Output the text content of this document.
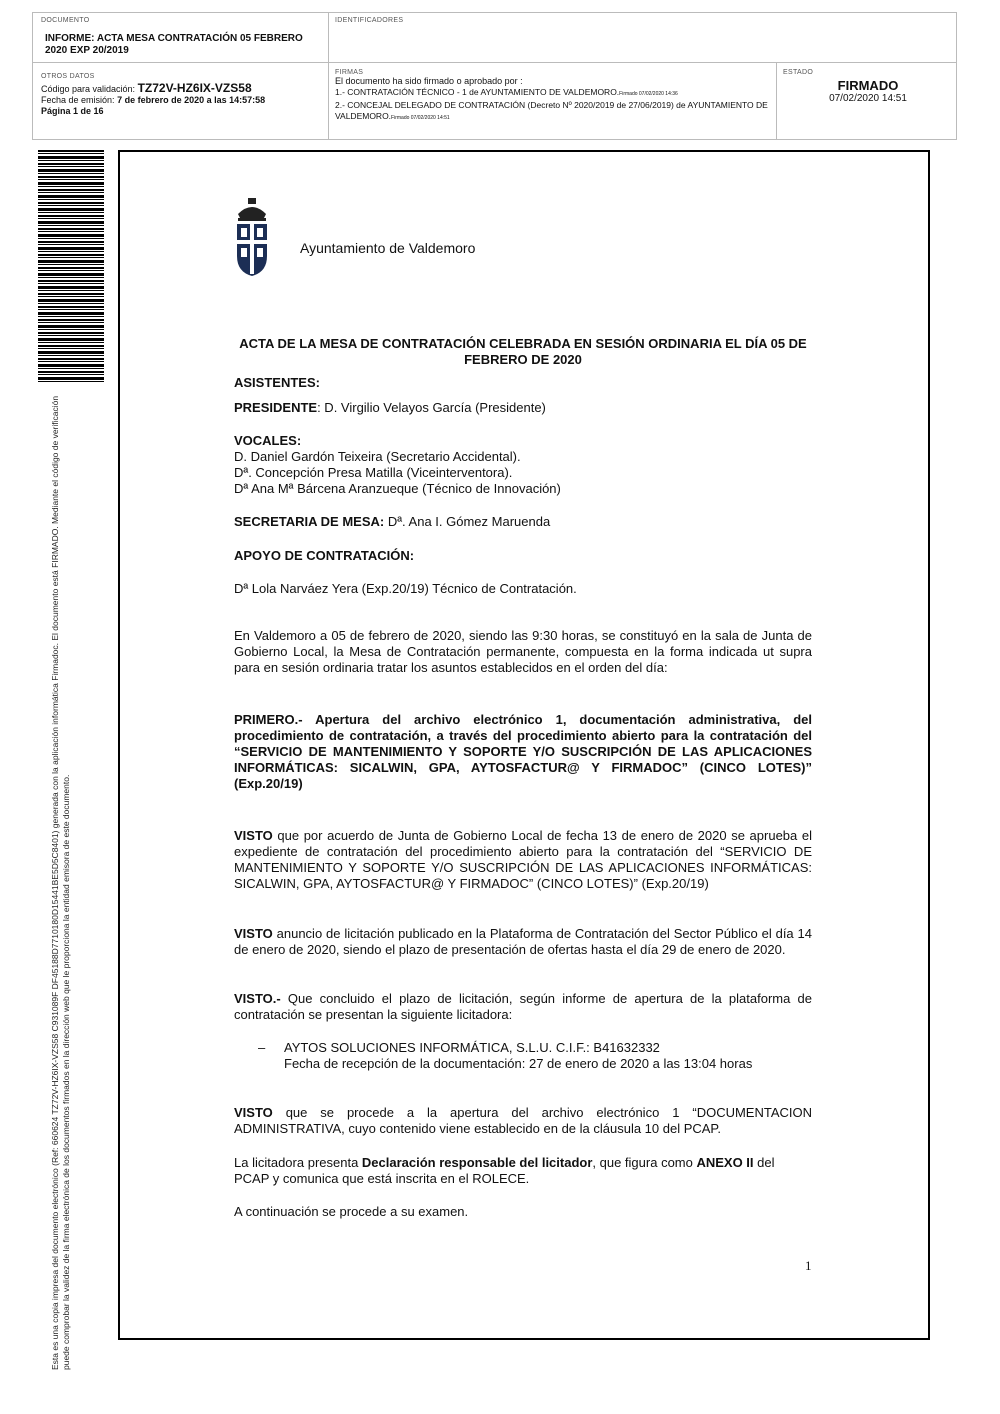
DOCUMENTO
INFORME: ACTA MESA CONTRATACIÓN 05 FEBRERO 2020 EXP 20/2019
IDENTIFICADORES
OTROS DATOS
Código para validación: TZ72V-HZ6IX-VZS58
Fecha de emisión: 7 de febrero de 2020 a las 14:57:58
Página 1 de 16
FIRMAS
El documento ha sido firmado o aprobado por :
1.- CONTRATACIÓN TÉCNICO - 1 de AYUNTAMIENTO DE VALDEMORO.Firmado 07/02/2020 14:36
2.- CONCEJAL DELEGADO DE CONTRATACIÓN (Decreto Nº 2020/2019 de 27/06/2019) de AYUNTAMIENTO DE VALDEMORO.Firmado 07/02/2020 14:51
ESTADO
FIRMADO
07/02/2020 14:51
Esta es una copia impresa del documento electrónico (Ref: 660624 TZ72V-HZ6IX-VZS58 C931089F DF45188D7710180D15441BE5D5C8401) generada con la aplicación informática Firmadoc. El documento está FIRMADO. Mediante el código de verificación puede comprobar la validez de la firma electrónica de los documentos firmados en la dirección web que le proporciona la entidad emisora de este documento.
Ayuntamiento de Valdemoro
ACTA DE LA MESA DE CONTRATACIÓN CELEBRADA EN SESIÓN ORDINARIA EL DÍA 05 DE FEBRERO DE 2020
ASISTENTES:
PRESIDENTE: D. Virgilio Velayos García (Presidente)
VOCALES:
D. Daniel Gardón Teixeira (Secretario Accidental).
Dª. Concepción Presa Matilla (Viceinterventora).
Dª Ana Mª Bárcena Aranzueque (Técnico de Innovación)
SECRETARIA DE MESA: Dª. Ana I. Gómez Maruenda
APOYO DE CONTRATACIÓN:
Dª Lola Narváez Yera (Exp.20/19) Técnico de Contratación.
En Valdemoro a 05 de febrero de 2020, siendo las 9:30 horas, se constituyó en la sala de Junta de Gobierno Local, la Mesa de Contratación permanente, compuesta en la forma indicada ut supra para en sesión ordinaria tratar los asuntos establecidos en el orden del día:
PRIMERO.- Apertura del archivo electrónico 1, documentación administrativa, del procedimiento de contratación, a través del procedimiento abierto para la contratación del “SERVICIO DE MANTENIMIENTO Y SOPORTE Y/O SUSCRIPCIÓN DE LAS APLICACIONES INFORMÁTICAS: SICALWIN, GPA, AYTOSFACTUR@ Y FIRMADOC” (CINCO LOTES)” (Exp.20/19)
VISTO que por acuerdo de Junta de Gobierno Local de fecha 13 de enero de 2020 se aprueba el expediente de contratación del procedimiento abierto para la contratación del “SERVICIO DE MANTENIMIENTO Y SOPORTE Y/O SUSCRIPCIÓN DE LAS APLICACIONES INFORMÁTICAS: SICALWIN, GPA, AYTOSFACTUR@ Y FIRMADOC” (CINCO LOTES)” (Exp.20/19)
VISTO anuncio de licitación publicado en la Plataforma de Contratación del Sector Público el día 14 de enero de 2020, siendo el plazo de presentación de ofertas hasta el día 29 de enero de 2020.
VISTO.- Que concluido el plazo de licitación, según informe de apertura de la plataforma de contratación se presentan la siguiente licitadora:
– AYTOS SOLUCIONES INFORMÁTICA, S.L.U. C.I.F.: B41632332
Fecha de recepción de la documentación: 27 de enero de 2020 a las 13:04 horas
VISTO que se procede a la apertura del archivo electrónico 1 “DOCUMENTACION ADMINISTRATIVA, cuyo contenido viene establecido en de la cláusula 10 del PCAP.
La licitadora presenta Declaración responsable del licitador, que figura como ANEXO II del PCAP y comunica que está inscrita en el ROLECE.
A continuación se procede a su examen.
1
